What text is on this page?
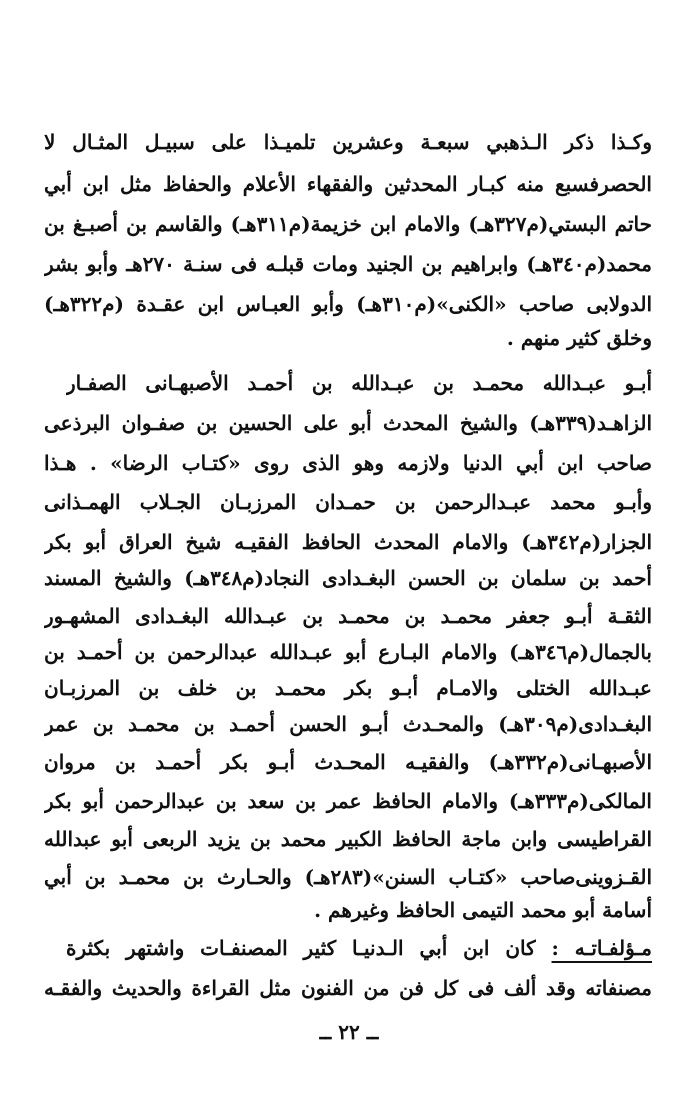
وكـذا ذكر الـذهبي سبعـة وعشرين تلميـذا على سبيـل المثـال لا
الحصرفسبع منه كبـار المحدثين والفقهاء الأعلام والحفاظ مثل ابن أبي
حاتم البستي(م٣٢٧هـ) والامام ابن خزيمة(م٣١١هـ) والقاسم بن أصبـغ بن
محمد(م٣٤٠هـ) وابراهيم بن الجنيد ومات قبلـه فى سنـة ٢٧٠هـ وأبو بشر
الدولابى صاحب «الكنى»(م٣١٠هـ) وأبو العبـاس ابن عقـدة (م٣٢٢هـ)
وخلق كثير منهم .
أبـو عبـدالله محمـد بن عبـدالله بن أحمـد الأصبهـانى الصفـار
الزاهـد(٣٣٩هـ) والشيخ المحدث أبو على الحسين بن صفـوان البرذعى
صاحب ابن أبي الدنيا ولازمه وهو الذى روى «كتـاب الرضا» . هـذا
وأبـو محمد عبـدالرحمن بن حمـدان المرزبـان الجـلاب الهمـذانى
الجزار(م٣٤٢هـ) والامام المحدث الحافظ الفقيـه شيخ العراق أبو بكر
أحمد بن سلمان بن الحسن البغـدادى النجاد(م٣٤٨هـ) والشيخ المسند
الثقـة أبـو جعفر محمـد بن محمـد بن عبـدالله البغـدادى المشهـور
بالجمال(م٣٤٦هـ) والامام البـارع أبو عبـدالله عبدالرحمن بن أحمـد بن
عبـدالله الختلى والامـام أبـو بكر محمـد بن خلف بن المرزبـان
البغـدادى(م٣٠٩هـ) والمحـدث أبـو الحسن أحمـد بن محمـد بن عمر
الأصبهـانى(م٣٣٢هـ) والفقيـه المحـدث أبـو بكر أحمـد بن مروان
المالكى(م٣٣٣هـ) والامام الحافظ عمر بن سعد بن عبدالرحمن أبو بكر
القراطيسى وابن ماجة الحافظ الكبير محمد بن يزيد الربعى أبو عبدالله
القـزوينى‌صاحب «كتـاب السنن»(٢٨٣هـ) والحـارث بن محمـد بن أبي
أسامة أبو محمد التيمى الحافظ وغيرهم .
مـؤلفـاتـه : كان ابن أبي الـدنيـا كثير المصنفـات واشتهر بكثرة
مصنفاته وقد ألف فى كل فن من الفنون مثل القراءة والحديث والفقـه
ــ ٢٢ ــ
